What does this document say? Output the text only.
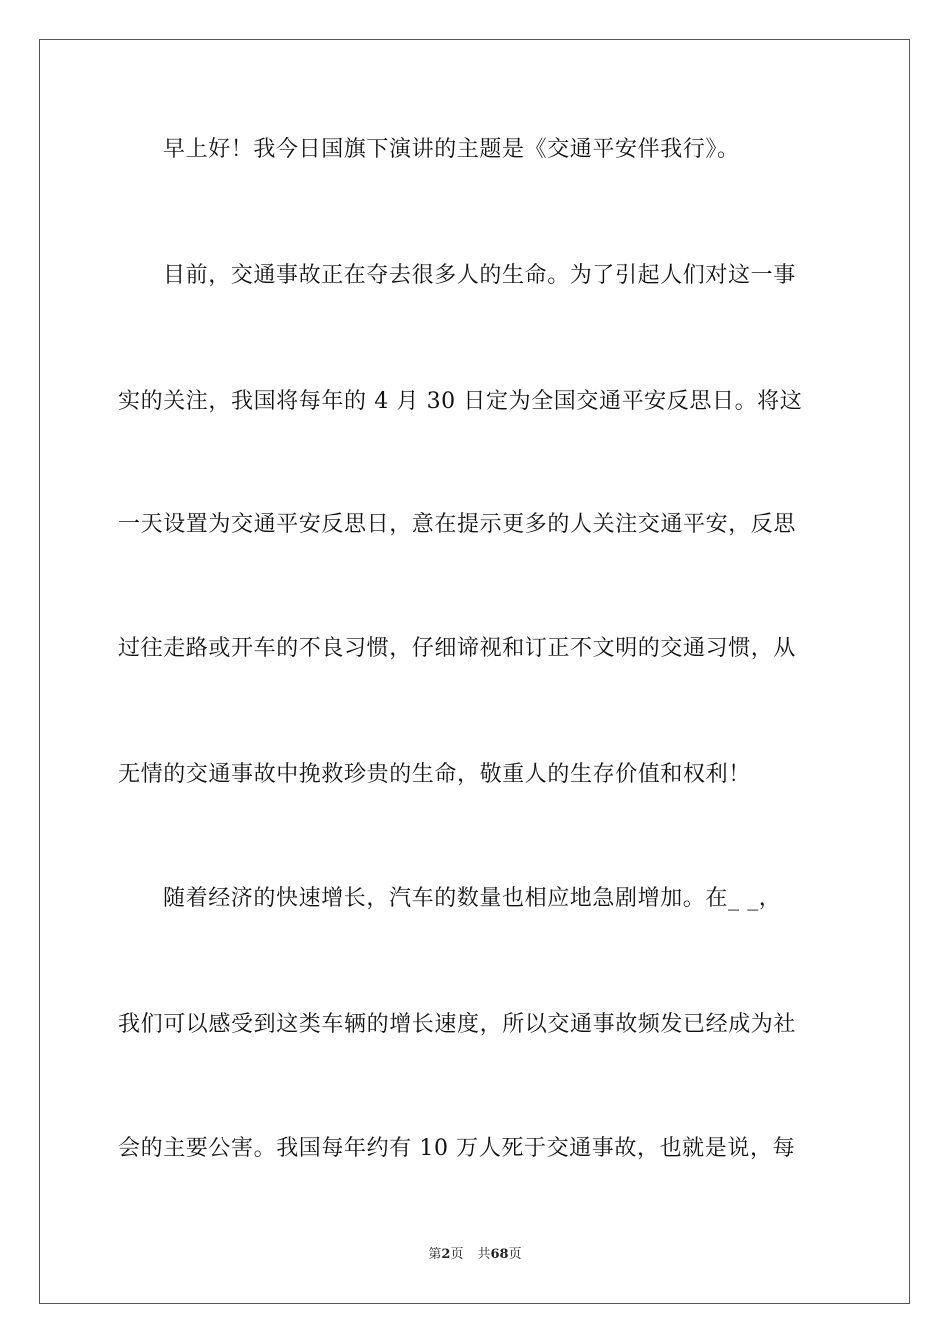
早上好！我今日国旗下演讲的主题是《交通平安伴我行》。
目前，交通事故正在夺去很多人的生命。为了引起人们对这一事
实的关注，我国将每年的 4 月 30 日定为全国交通平安反思日。将这
一天设置为交通平安反思日，意在提示更多的人关注交通平安，反思
过往走路或开车的不良习惯，仔细谛视和订正不文明的交通习惯，从
无情的交通事故中挽救珍贵的生命，敬重人的生存价值和权利！
随着经济的快速增长，汽车的数量也相应地急剧增加。在_ _，
我们可以感受到这类车辆的增长速度，所以交通事故频发已经成为社
会的主要公害。我国每年约有 10 万人死于交通事故，也就是说，每
第2页 共68页
